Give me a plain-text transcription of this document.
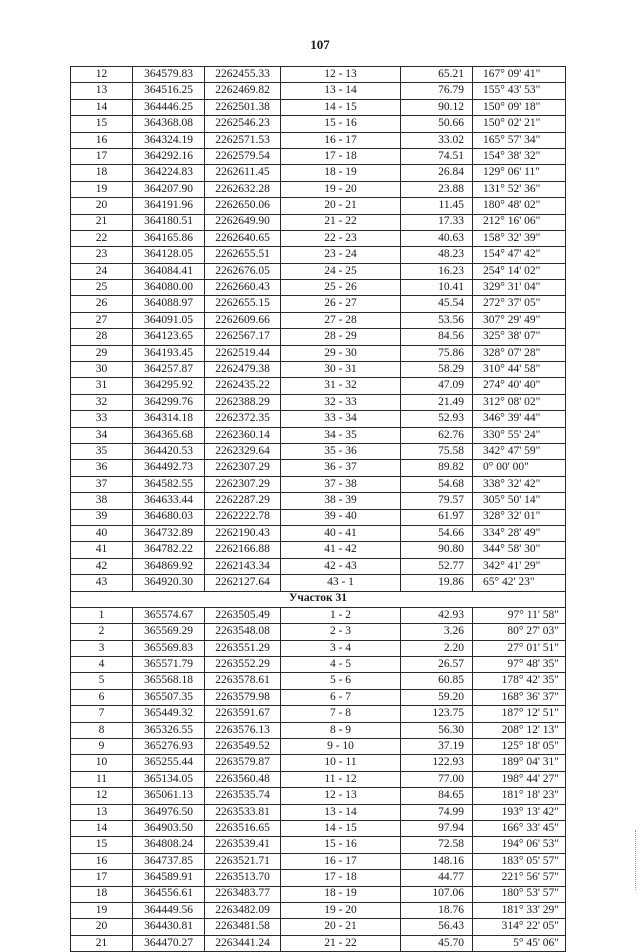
107
12	364579.83	2262455.33	12 - 13	65.21	167° 09' 41"
13	364516.25	2262469.82	13 - 14	76.79	155° 43' 53"
14	364446.25	2262501.38	14 - 15	90.12	150° 09' 18"
15	364368.08	2262546.23	15 - 16	50.66	150° 02' 21"
16	364324.19	2262571.53	16 - 17	33.02	165° 57' 34"
17	364292.16	2262579.54	17 - 18	74.51	154° 38' 32"
18	364224.83	2262611.45	18 - 19	26.84	129° 06' 11"
19	364207.90	2262632.28	19 - 20	23.88	131° 52' 36"
20	364191.96	2262650.06	20 - 21	11.45	180° 48' 02"
21	364180.51	2262649.90	21 - 22	17.33	212° 16' 06"
22	364165.86	2262640.65	22 - 23	40.63	158° 32' 39"
23	364128.05	2262655.51	23 - 24	48.23	154° 47' 42"
24	364084.41	2262676.05	24 - 25	16.23	254° 14' 02"
25	364080.00	2262660.43	25 - 26	10.41	329° 31' 04"
26	364088.97	2262655.15	26 - 27	45.54	272° 37' 05"
27	364091.05	2262609.66	27 - 28	53.56	307° 29' 49"
28	364123.65	2262567.17	28 - 29	84.56	325° 38' 07"
29	364193.45	2262519.44	29 - 30	75.86	328° 07' 28"
30	364257.87	2262479.38	30 - 31	58.29	310° 44' 58"
31	364295.92	2262435.22	31 - 32	47.09	274° 40' 40"
32	364299.76	2262388.29	32 - 33	21.49	312° 08' 02"
33	364314.18	2262372.35	33 - 34	52.93	346° 39' 44"
34	364365.68	2262360.14	34 - 35	62.76	330° 55' 24"
35	364420.53	2262329.64	35 - 36	75.58	342° 47' 59"
36	364492.73	2262307.29	36 - 37	89.82	0° 00' 00"
37	364582.55	2262307.29	37 - 38	54.68	338° 32' 42"
38	364633.44	2262287.29	38 - 39	79.57	305° 50' 14"
39	364680.03	2262222.78	39 - 40	61.97	328° 32' 01"
40	364732.89	2262190.43	40 - 41	54.66	334° 28' 49"
41	364782.22	2262166.88	41 - 42	90.80	344° 58' 30"
42	364869.92	2262143.34	42 - 43	52.77	342° 41' 29"
43	364920.30	2262127.64	43 - 1	19.86	65° 42' 23"
Участок 31					
1	365574.67	2263505.49	1 - 2	42.93	97° 11' 58"
2	365569.29	2263548.08	2 - 3	3.26	80° 27' 03"
3	365569.83	2263551.29	3 - 4	2.20	27° 01' 51"
4	365571.79	2263552.29	4 - 5	26.57	97° 48' 35"
5	365568.18	2263578.61	5 - 6	60.85	178° 42' 35"
6	365507.35	2263579.98	6 - 7	59.20	168° 36' 37"
7	365449.32	2263591.67	7 - 8	123.75	187° 12' 51"
8	365326.55	2263576.13	8 - 9	56.30	208° 12' 13"
9	365276.93	2263549.52	9 - 10	37.19	125° 18' 05"
10	365255.44	2263579.87	10 - 11	122.93	189° 04' 31"
11	365134.05	2263560.48	11 - 12	77.00	198° 44' 27"
12	365061.13	2263535.74	12 - 13	84.65	181° 18' 23"
13	364976.50	2263533.81	13 - 14	74.99	193° 13' 42"
14	364903.50	2263516.65	14 - 15	97.94	166° 33' 45"
15	364808.24	2263539.41	15 - 16	72.58	194° 06' 53"
16	364737.85	2263521.71	16 - 17	148.16	183° 05' 57"
17	364589.91	2263513.70	17 - 18	44.77	221° 56' 57"
18	364556.61	2263483.77	18 - 19	107.06	180° 53' 57"
19	364449.56	2263482.09	19 - 20	18.76	181° 33' 29"
20	364430.81	2263481.58	20 - 21	56.43	314° 22' 05"
21	364470.27	2263441.24	21 - 22	45.70	5° 45' 06"
